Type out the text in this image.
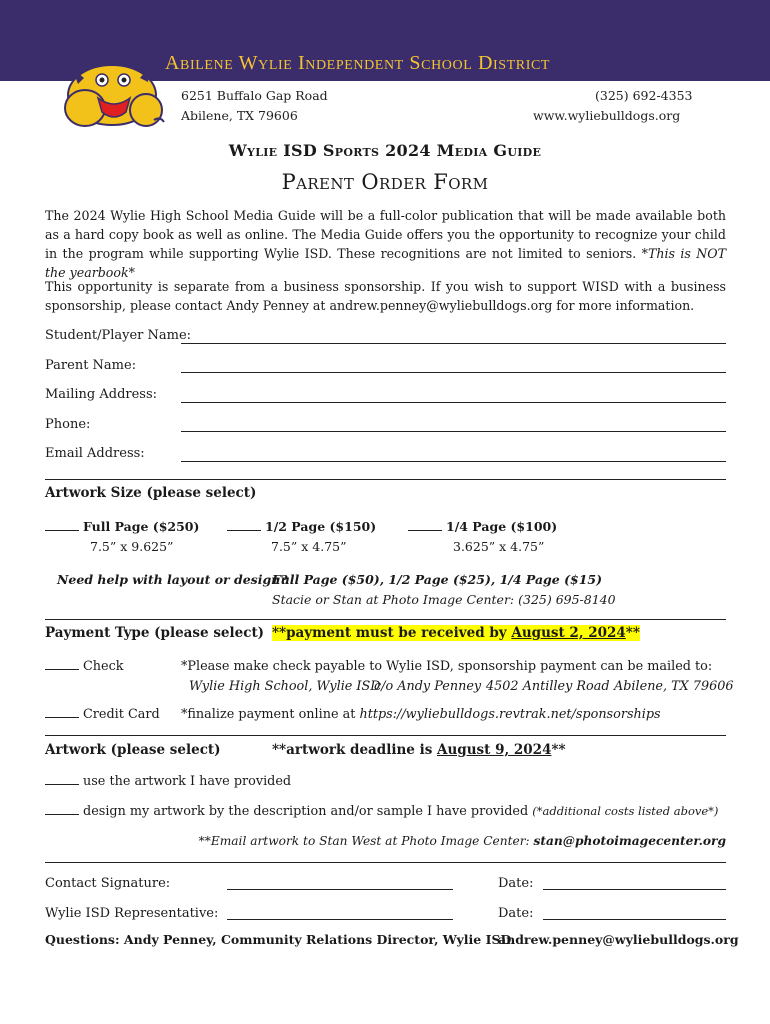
Abilene Wylie Independent School District
6251 Buffalo Gap Road
Abilene, TX 79606
(325) 692-4353
www.wyliebulldogs.org
Wylie ISD Sports 2024 Media Guide
Parent Order Form
The 2024 Wylie High School Media Guide will be a full-color publication that will be made available both as a hard copy book as well as online. The Media Guide offers you the opportunity to recognize your child in the program while supporting Wylie ISD. These recognitions are not limited to seniors. *This is NOT the yearbook*
This opportunity is separate from a business sponsorship. If you wish to support WISD with a business sponsorship, please contact Andy Penney at andrew.penney@wyliebulldogs.org for more information.
Student/Player Name:
Parent Name:
Mailing Address:
Phone:
Email Address:
Artwork Size (please select)
Full Page ($250)
7.5” x 9.625”
1/2 Page ($150)
7.5” x 4.75”
1/4 Page ($100)
3.625” x 4.75”
Need help with layout or design?
Full Page ($50), 1/2 Page ($25), 1/4 Page ($15)
Stacie or Stan at Photo Image Center: (325) 695-8140
Payment Type (please select) **payment must be received by August 2, 2024**
Check	*Please make check payable to Wylie ISD, sponsorship payment can be mailed to:
Wylie High School, Wylie ISD
c/o Andy Penney 4502 Antilley Road Abilene, TX 79606
Credit Card *finalize payment online at https://wyliebulldogs.revtrak.net/sponsorships
Artwork (please select)	**artwork deadline is August 9, 2024**
use the artwork I have provided
design my artwork by the description and/or sample I have provided (*additional costs listed above*)
**Email artwork to Stan West at Photo Image Center: stan@photoimagecenter.org
Contact Signature:	Date:
Wylie ISD Representative:	Date:
Questions: Andy Penney, Community Relations Director, Wylie ISD
andrew.penney@wyliebulldogs.org
